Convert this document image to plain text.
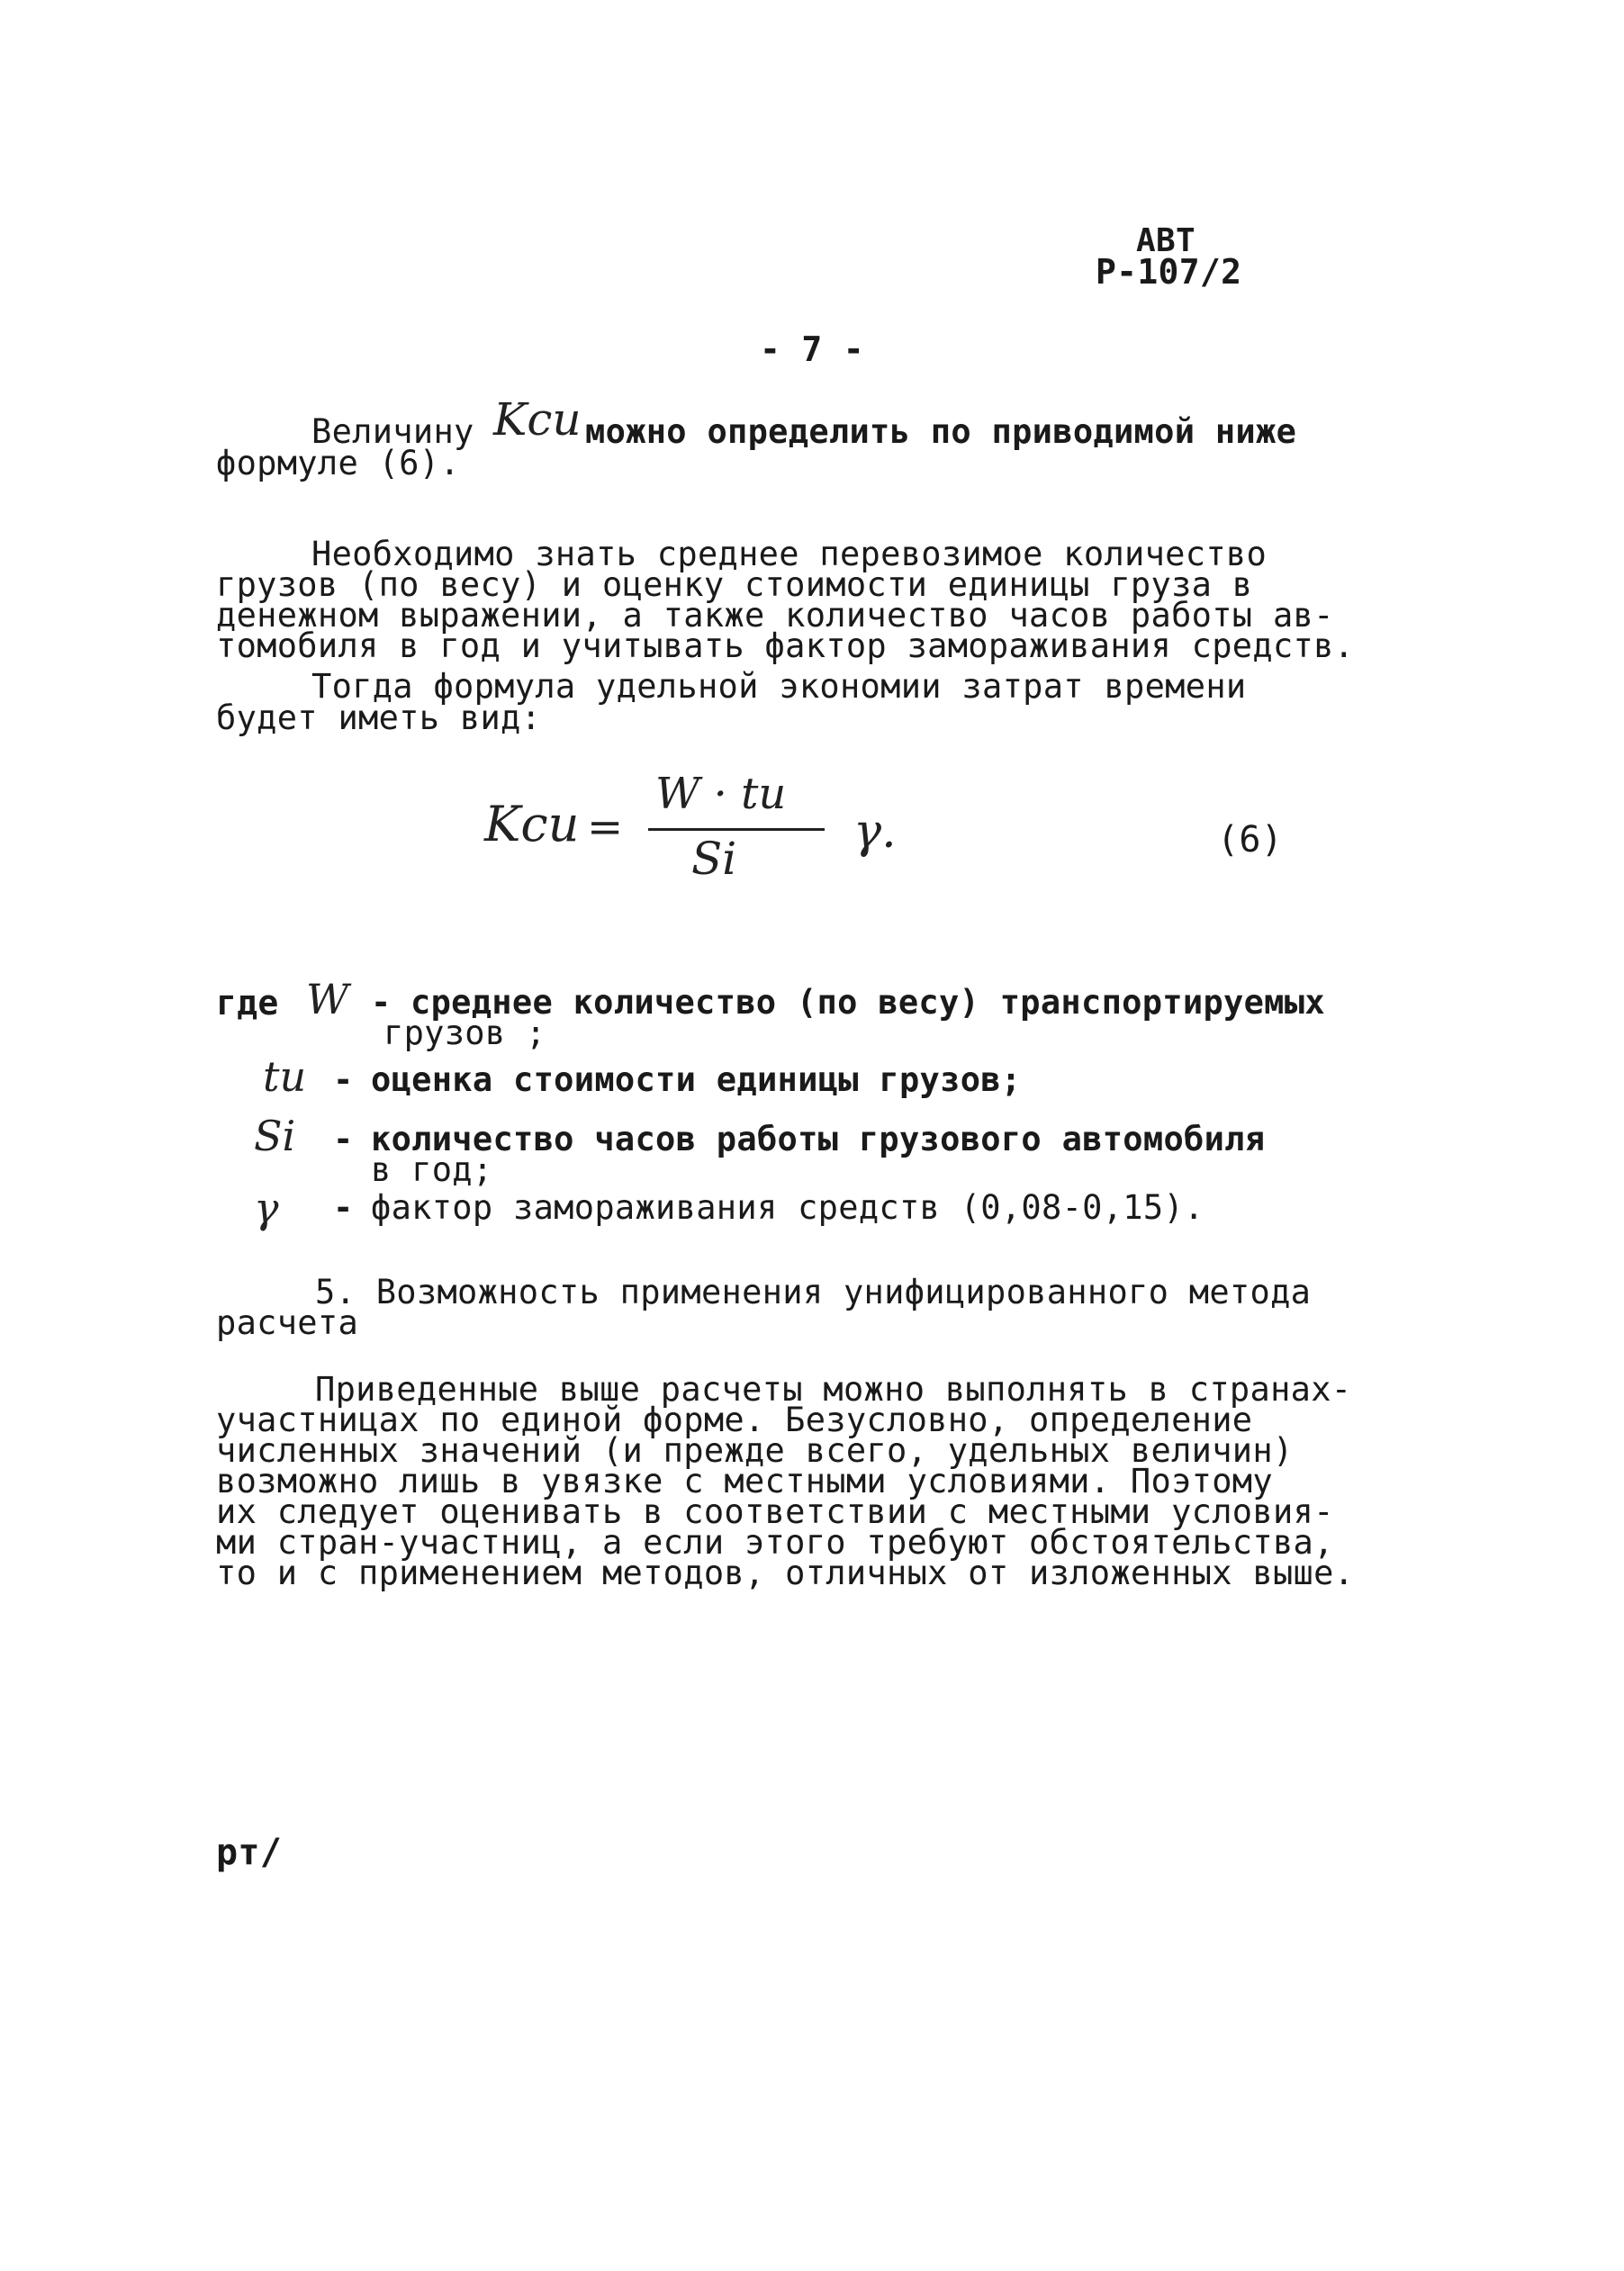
АВТ
Р-107/2
- 7 -
Величину Kcu можно определить по приводимой ниже
формуле (6).
Необходимо знать среднее перевозимое количество
грузов (по весу) и оценку стоимости единицы груза в
денежном выражении, а также количество часов работы ав-
томобиля в год и учитывать фактор замораживания средств.
Тогда формула удельной экономии затрат времени
будет иметь вид:
Kcu =
W · tu
Si γ.	(6)
где W - среднее количество (по весу) транспортируемых
грузов ;
tu - оценка стоимости единицы грузов;
Si - количество часов работы грузового автомобиля
в год;
γ - фактор замораживания средств (0,08-0,15).
5. Возможность применения унифицированного метода
расчета
Приведенные выше расчеты можно выполнять в странах-
участницах по единой форме. Безусловно, определение
численных значений (и прежде всего, удельных величин)
возможно лишь в увязке с местными условиями. Поэтому
их следует оценивать в соответствии с местными условия-
ми стран-участниц, а если этого требуют обстоятельства,
то и с применением методов, отличных от изложенных выше.
рт/
